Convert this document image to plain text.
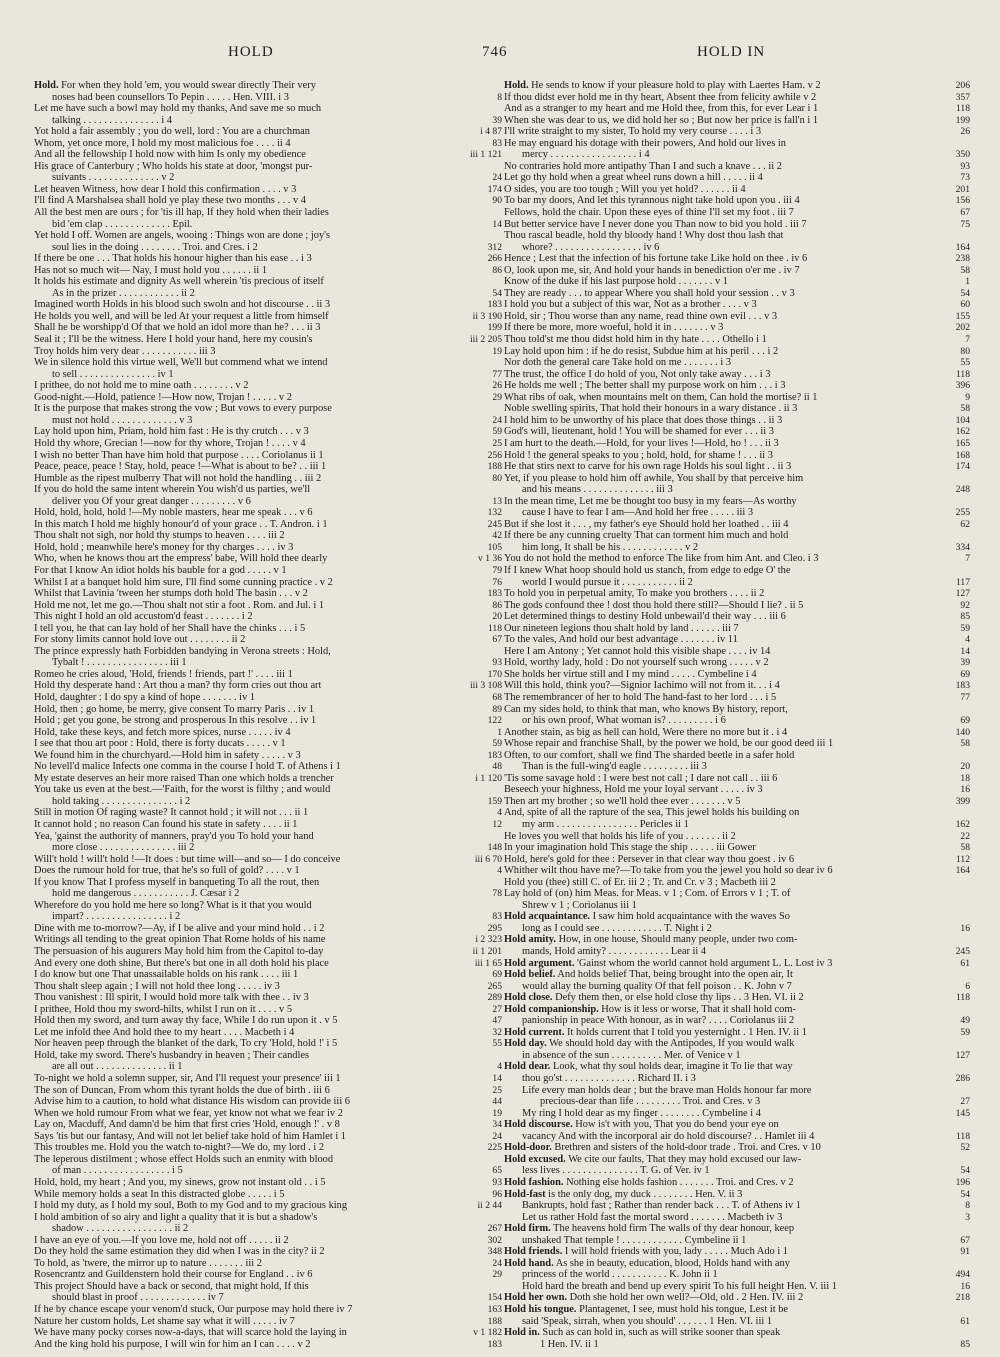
HOLD	746	HOLD IN
Hold. For when they hold 'em, you would swear directly Their very
noses had been counsellors To Pepin . . . . . Hen. VIII. i 3	8
Let me have such a bowl may hold my thanks, And save me so much
talking . . . . . . . . . . . . . . . i 4	39
Yot hold a fair assembly ; you do well, lord : You are a churchman	i 4 87
Whom, yet once more, I hold my most malicious foe . . . . ii 4	83
And all the fellowship I hold now with him Is only my obedience	iii 1 121
His grace of Canterbury ; Who holds his state at door, 'mongst pur-
suivants . . . . . . . . . . . . . . v 2	24
Let heaven Witness, how dear I hold this confirmation . . . . v 3	174
I'll find A Marshalsea shall hold ye play these two months . . . v 4	90
All the best men are ours ; for 'tis ill hap, If they hold when their ladies
bid 'em clap . . . . . . . . . . . . . Epil.	14
Yet hold I off. Women are angels, wooing : Things won are done ; joy's
soul lies in the doing . . . . . . . . Troi. and Cres. i 2	312
If there be one . . . That holds his honour higher than his ease . . i 3	266
Has not so much wit— Nay, I must hold you . . . . . . ii 1	86
It holds his estimate and dignity As well wherein 'tis precious of itself
As in the prizer . . . . . . . . . . . . ii 2	54
Imagined worth Holds in his blood such swoln and hot discourse . . ii 3	183
He holds you well, and will be led At your request a little from himself	ii 3 190
Shall he be worshipp'd Of that we hold an idol more than he? . . . ii 3	199
Seal it ; I'll be the witness. Here I hold your hand, here my cousin's	iii 2 205
Troy holds him very dear . . . . . . . . . . . iii 3	19
We in silence hold this virtue well, We'll but commend what we intend
to sell . . . . . . . . . . . . . . . iv 1	77
I prithee, do not hold me to mine oath . . . . . . . . v 2	26
Good-night.—Hold, patience !—How now, Trojan ! . . . . . v 2	29
It is the purpose that makes strong the vow ; But vows to every purpose
must not hold . . . . . . . . . . . . . v 3	24
Lay hold upon him, Priam, hold him fast : He is thy crutch . . . v 3	59
Hold thy whore, Grecian !—now for thy whore, Trojan ! . . . . v 4	25
I wish no better Than have him hold that purpose . . . . Coriolanus ii 1	256
Peace, peace, peace ! Stay, hold, peace !—What is about to be? . . iii 1	188
Humble as the ripest mulberry That will not hold the handling . . iii 2	80
If you do hold the same intent wherein You wish'd us parties, we'll
deliver you Of your great danger . . . . . . . . . v 6	13
Hold, hold, hold, hold !—My noble masters, hear me speak . . . v 6	132
In this match I hold me highly honour'd of your grace . . T. Andron. i 1	245
Thou shalt not sigh, nor hold thy stumps to heaven . . . . iii 2	42
Hold, hold ; meanwhile here's money for thy charges . . . . iv 3	105
Who, when he knows thou art the empress' babe, Will hold thee dearly	v 1 36
For that I know An idiot holds his bauble for a god . . . . . v 1	79
Whilst I at a banquet hold him sure, I'll find some cunning practice . v 2	76
Whilst that Lavinia 'tween her stumps doth hold The basin . . . v 2	183
Hold me not, let me go.—Thou shalt not stir a foot . Rom. and Jul. i 1	86
This night I hold an old accustom'd feast . . . . . . . i 2	20
I tell you, he that can lay hold of her Shall have the chinks . . . i 5	118
For stony limits cannot hold love out . . . . . . . . ii 2	67
The prince expressly hath Forbidden bandying in Verona streets : Hold,
Tybalt ! . . . . . . . . . . . . . . . . iii 1	93
Romeo he cries aloud, 'Hold, friends ! friends, part !' . . . . iii 1	170
Hold thy desperate hand : Art thou a man? thy form cries out thou art	iii 3 108
Hold, daughter : I do spy a kind of hope . . . . . . . iv 1	68
Hold, then ; go home, be merry, give consent To marry Paris . . iv 1	89
Hold ; get you gone, be strong and prosperous In this resolve . . iv 1	122
Hold, take these keys, and fetch more spices, nurse . . . . . iv 4	1
I see that thou art poor : Hold, there is forty ducats . . . . . v 1	59
We found him in the churchyard.—Hold him in safety . . . . . v 3	183
No levell'd malice Infects one comma in the course I hold T. of Athens i 1	48
My estate deserves an heir more raised Than one which holds a trencher	i 1 120
You take us even at the best.—'Faith, for the worst is filthy ; and would
hold taking . . . . . . . . . . . . . . . i 2	159
Still in motion Of raging waste? It cannot hold ; it will not . . . ii 1	4
It cannot hold ; no reason Can found his state in safety . . . . ii 1	12
Yea, 'gainst the authority of manners, pray'd you To hold your hand
more close . . . . . . . . . . . . . . . iii 2	148
Will't hold ! will't hold !—It does : but time will—and so— I do conceive	iii 6 70
Does the rumour hold for true, that he's so full of gold? . . . . v 1	4
If you know That I profess myself in banqueting To all the rout, then
hold me dangerous . . . . . . . . . . . J. Cæsar i 2	78
Wherefore do you hold me here so long? What is it that you would
impart? . . . . . . . . . . . . . . . . i 2	83
Dine with me to-morrow?—Ay, if I be alive and your mind hold . . i 2	295
Writings all tending to the great opinion That Rome holds of his name	i 2 323
The persuasion of his augurers May hold him from the Capitol to-day	ii 1 201
And every one doth shine, But there's but one in all doth hold his place	iii 1 65
I do know but one That unassailable holds on his rank . . . . iii 1	69
Thou shalt sleep again ; I will not hold thee long . . . . . iv 3	265
Thou vanishest : Ill spirit, I would hold more talk with thee . . iv 3	289
I prithee, Hold thou my sword-hilts, whilst I run on it . . . . v 5	27
Hold then my sword, and turn away thy face, While I do run upon it . v 5	47
Let me infold thee And hold thee to my heart . . . . Macbeth i 4	32
Nor heaven peep through the blanket of the dark, To cry 'Hold, hold !' i 5	55
Hold, take my sword. There's husbandry in heaven ; Their candles
are all out . . . . . . . . . . . . . . ii 1	4
To-night we hold a solemn supper, sir, And I'll request your presence' iii 1	14
The son of Duncan, From whom this tyrant holds the due of birth . iii 6	25
Advise him to a caution, to hold what distance His wisdom can provide iii 6	44
When we hold rumour From what we fear, yet know not what we fear iv 2	19
Lay on, Macduff, And damn'd be him that first cries 'Hold, enough !' . v 8	34
Says 'tis but our fantasy, And will not let belief take hold of him Hamlet i 1	24
This troubles me. Hold you the watch to-night?—We do, my lord . i 2	225
The leperous distilment ; whose effect Holds such an enmity with blood
of man . . . . . . . . . . . . . . . . . i 5	65
Hold, hold, my heart ; And you, my sinews, grow not instant old . . i 5	93
While memory holds a seat In this distracted globe . . . . . i 5	96
I hold my duty, as I hold my soul, Both to my God and to my gracious king	ii 2 44
I hold ambition of so airy and light a quality that it is but a shadow's
shadow . . . . . . . . . . . . . . . . . ii 2	267
I have an eye of you.—If you love me, hold not off . . . . . ii 2	302
Do they hold the same estimation they did when I was in the city? ii 2	348
To hold, as 'twere, the mirror up to nature . . . . . . . iii 2	24
Rosencrantz and Guildenstern hold their course for England . . iv 6	29
This project Should have a back or second, that might hold, If this
should blast in proof . . . . . . . . . . . . . iv 7	154
If he by chance escape your venom'd stuck, Our purpose may hold there iv 7	163
Nature her custom holds, Let shame say what it will . . . . . iv 7	188
We have many pocky corses now-a-days, that will scarce hold the laying in	v 1 182
And the king hold his purpose, I will win for him an I can . . . . v 2	183
Hold. He sends to know if your pleasure hold to play with Laertes Ham. v 2	206
If thou didst ever hold me in thy heart, Absent thee from felicity awhile v 2	357
And as a stranger to my heart and me Hold thee, from this, for ever Lear i 1	118
When she was dear to us, we did hold her so ; But now her price is fall'n i 1	199
I'll write straight to my sister, To hold my very course . . . . i 3	26
He may enguard his dotage with their powers, And hold our lives in
mercy . . . . . . . . . . . . . . . . . i 4	350
No contraries hold more antipathy Than I and such a knave . . . ii 2	93
Let go thy hold when a great wheel runs down a hill . . . . . ii 4	73
O sides, you are too tough ; Will you yet hold? . . . . . . ii 4	201
To bar my doors, And let this tyrannous night take hold upon you . iii 4	156
Fellows, hold the chair. Upon these eyes of thine I'll set my foot . iii 7	67
But better service have I never done you Than now to bid you hold . iii 7	75
Thou rascal beadle, hold thy bloody hand ! Why dost thou lash that
whore? . . . . . . . . . . . . . . . . . iv 6	164
Hence ; Lest that the infection of his fortune take Like hold on thee . iv 6	238
O, look upon me, sir, And hold your hands in benediction o'er me . iv 7	58
Know of the duke if his last purpose hold . . . . . . . v 1	1
They are ready . . . to appear Where you shall hold your session . . v 3	54
I hold you but a subject of this war, Not as a brother . . . . v 3	60
Hold, sir ; Thou worse than any name, read thine own evil . . . v 3	155
If there be more, more woeful, hold it in . . . . . . . v 3	202
Thou told'st me thou didst hold him in thy hate . . . . Othello i 1	7
Lay hold upon him : if he do resist, Subdue him at his peril . . . i 2	80
Nor doth the general care Take hold on me . . . . . . . i 3	55
The trust, the office I do hold of you, Not only take away . . . i 3	118
He holds me well ; The better shall my purpose work on him . . . i 3	396
What ribs of oak, when mountains melt on them, Can hold the mortise? ii 1	9
Noble swelling spirits, That hold their honours in a wary distance . ii 3	58
I hold him to be unworthy of his place that does those things . . ii 3	104
God's will, lieutenant, hold ! You will be shamed for ever . . . ii 3	162
I am hurt to the death.—Hold, for your lives !—Hold, ho ! . . . ii 3	165
Hold ! the general speaks to you ; hold, hold, for shame ! . . . ii 3	168
He that stirs next to carve for his own rage Holds his soul light . . ii 3	174
Yet, if you please to hold him off awhile, You shall by that perceive him
and his means . . . . . . . . . . . . . . iii 3	248
In the mean time, Let me be thought too busy in my fears—As worthy
cause I have to fear I am—And hold her free . . . . . iii 3	255
But if she lost it . . . , my father's eye Should hold her loathed . . iii 4	62
If there be any cunning cruelty That can torment him much and hold
him long, It shall be his . . . . . . . . . . . . v 2	334
You do not hold the method to enforce The like from him Ant. and Cleo. i 3	7
If I knew What hoop should hold us stanch, from edge to edge O' the
world I would pursue it . . . . . . . . . . . ii 2	117
To hold you in perpetual amity, To make you brothers . . . . ii 2	127
The gods confound thee ! dost thou hold there still?—Should I lie? . ii 5	92
Let determined things to destiny Hold unbewail'd their way . . . iii 6	85
Our nineteen legions thou shalt hold by land . . . . . . iii 7	59
To the vales, And hold our best advantage . . . . . . . iv 11	4
Here I am Antony ; Yet cannot hold this visible shape . . . . iv 14	14
Hold, worthy lady, hold : Do not yourself such wrong . . . . . v 2	39
She holds her virtue still and I my mind . . . . . Cymbeline i 4	69
Will this hold, think you?—Signior Iachimo will not from it. . . i 4	183
The remembrancer of her to hold The hand-fast to her lord . . . i 5	77
Can my sides hold, to think that man, who knows By history, report,
or his own proof, What woman is? . . . . . . . . . i 6	69
Another stain, as big as hell can hold, Were there no more but it . i 4	140
Whose repair and franchise Shall, by the power we hold, be our good deed iii 1	58
Often, to our comfort, shall we find The sharded beetle in a safer hold
Than is the full-wing'd eagle . . . . . . . . . iii 3	20
'Tis some savage hold : I were best not call ; I dare not call . . iii 6	18
Beseech your highness, Hold me your loyal servant . . . . . iv 3	16
Then art my brother ; so we'll hold thee ever . . . . . . . v 5	399
And, spite of all the rapture of the sea, This jewel holds his building on
my arm . . . . . . . . . . . . . . . . Pericles ii 1	162
He loves you well that holds his life of you . . . . . . . ii 2	22
In your imagination hold This stage the ship . . . . . iii Gower	58
Hold, here's gold for thee : Persever in that clear way thou goest . iv 6	112
Whither wilt thou have me?—To take from you the jewel you hold so dear iv 6	164
Hold you (thee) still C. of Er. iii 2 ; Tr. and Cr. v 3 ; Macbeth iii 2
Lay hold of (on) him Meas. for Meas. v 1 ; Com. of Errors v 1 ; T. of
Shrew v 1 ; Coriolanus iii 1
Hold acquaintance. I saw him hold acquaintance with the waves So
long as I could see . . . . . . . . . . . . T. Night i 2	16
Hold amity. How, in one house, Should many people, under two com-
mands, Hold amity? . . . . . . . . . . . . Lear ii 4	245
Hold argument. 'Gainst whom the world cannot hold argument L. L. Lost iv 3	61
Hold belief. And holds belief That, being brought into the open air, It
would allay the burning quality Of that fell poison . . K. John v 7	6
Hold close. Defy them then, or else hold close thy lips . . 3 Hen. VI. ii 2	118
Hold companionship. How is it less or worse, That it shall hold com-
panionship in peace With honour, as in war? . . . . Coriolanus iii 2	49
Hold current. It holds current that I told you yesternight . 1 Hen. IV. ii 1	59
Hold day. We should hold day with the Antipodes, If you would walk
in absence of the sun . . . . . . . . . . Mer. of Venice v 1	127
Hold dear. Look, what thy soul holds dear, imagine it To lie that way
thou go'st . . . . . . . . . . . . . . Richard II. i 3	286
Life every man holds dear ; but the brave man Holds honour far more
precious-dear than life . . . . . . . . . Troi. and Cres. v 3	27
My ring I hold dear as my finger . . . . . . . . Cymbeline i 4	145
Hold discourse. How is't with you, That you do bend your eye on
vacancy And with the incorporal air do hold discourse? . . Hamlet iii 4	118
Hold-door. Brethren and sisters of the hold-door trade . Troi. and Cres. v 10	52
Hold excused. We cite our faults, That they may hold excused our law-
less lives . . . . . . . . . . . . . . . T. G. of Ver. iv 1	54
Hold fashion. Nothing else holds fashion . . . . . . . Troi. and Cres. v 2	196
Hold-fast is the only dog, my duck . . . . . . . . Hen. V. ii 3	54
Bankrupts, hold fast ; Rather than render back . . . T. of Athens iv 1	8
Let us rather Hold fast the mortal sword . . . . . . . Macbeth iv 3	3
Hold firm. The heavens hold firm The walls of thy dear honour, keep
unshaked That temple ! . . . . . . . . . . . . Cymbeline ii 1	67
Hold friends. I will hold friends with you, lady . . . . . Much Ado i 1	91
Hold hand. As she in beauty, education, blood, Holds hand with any
princess of the world . . . . . . . . . . . K. John ii 1	494
Hold hard the breath and bend up every spirit To his full height Hen. V. iii 1	16
Hold her own. Doth she hold her own well?—Old, old . 2 Hen. IV. iii 2	218
Hold his tongue. Plantagenet, I see, must hold his tongue, Lest it be
said 'Speak, sirrah, when you should' . . . . . . 1 Hen. VI. iii 1	61
Hold in. Such as can hold in, such as will strike sooner than speak
1 Hen. IV. ii 1	85
